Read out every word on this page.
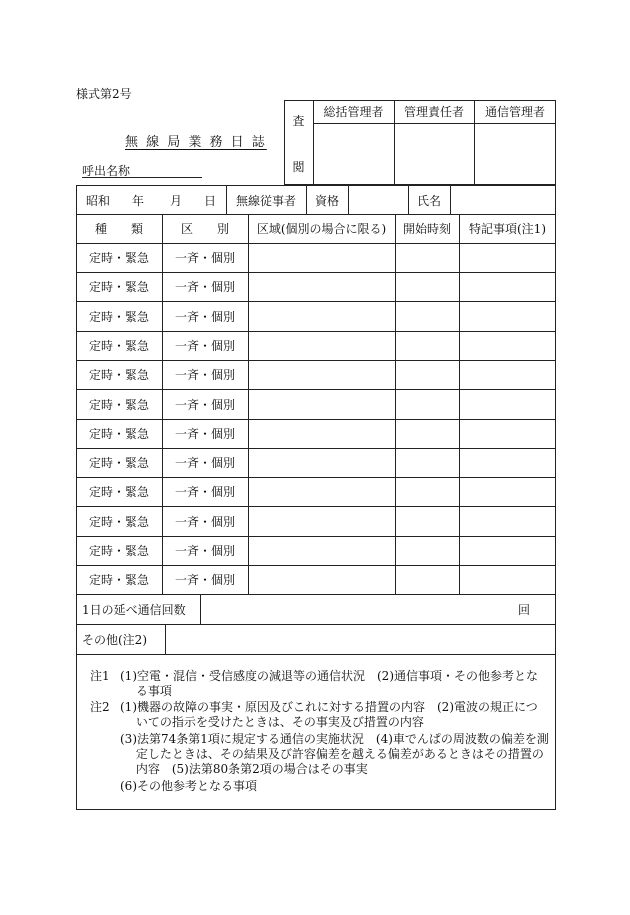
様式第2号
無 線 局 業 務 日 誌
呼出名称
査
閲
総括管理者	管理責任者	通信管理者
昭和	年	月	日	無線従事者	資格	氏名
種　　類	区　　別	区域(個別の場合に限る)	開始時刻	特記事項(注1)
定時・緊急	一斉・個別
定時・緊急	一斉・個別
定時・緊急	一斉・個別
定時・緊急	一斉・個別
定時・緊急	一斉・個別
定時・緊急	一斉・個別
定時・緊急	一斉・個別
定時・緊急	一斉・個別
定時・緊急	一斉・個別
定時・緊急	一斉・個別
定時・緊急	一斉・個別
定時・緊急	一斉・個別
1日の延べ通信回数	回
その他(注2)
注1 (1)空電・混信・受信感度の減退等の通信状況　(2)通信事項・その他参考とな
　 る事項
注2 (1)機器の故障の事実・原因及びこれに対する措置の内容　(2)電波の規正につ
　 いての指示を受けたときは、その事実及び措置の内容
(3)法第74条第1項に規定する通信の実施状況　(4)車でんぱの周波数の偏差を測
　 定したときは、その結果及び許容偏差を越える偏差があるときはその措置の
　 内容　(5)法第80条第2項の場合はその事実
(6)その他参考となる事項
